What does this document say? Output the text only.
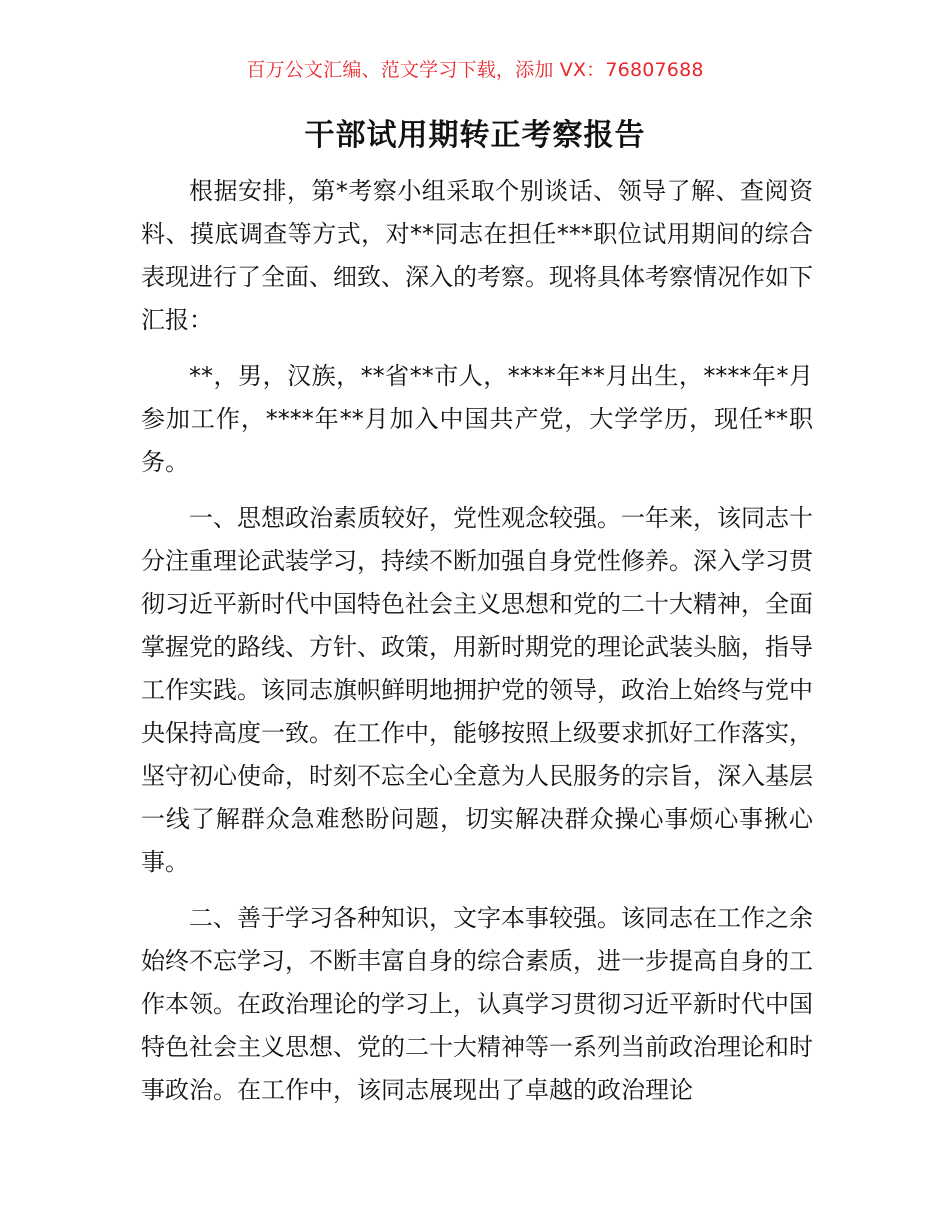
百万公文汇编、范文学习下载，添加 VX：76807688
干部试用期转正考察报告

根据安排，第*考察小组采取个别谈话、领导了解、查阅资料、摸底调查等方式，对**同志在担任***职位试用期间的综合表现进行了全面、细致、深入的考察。现将具体考察情况作如下汇报：

**，男，汉族，**省**市人，****年**月出生，****年*月参加工作，****年**月加入中国共产党，大学学历，现任**职务。

一、思想政治素质较好，党性观念较强。一年来，该同志十分注重理论武装学习，持续不断加强自身党性修养。深入学习贯彻习近平新时代中国特色社会主义思想和党的二十大精神，全面掌握党的路线、方针、政策，用新时期党的理论武装头脑，指导工作实践。该同志旗帜鲜明地拥护党的领导，政治上始终与党中央保持高度一致。在工作中，能够按照上级要求抓好工作落实，坚守初心使命，时刻不忘全心全意为人民服务的宗旨，深入基层一线了解群众急难愁盼问题，切实解决群众操心事烦心事揪心事。

二、善于学习各种知识，文字本事较强。该同志在工作之余始终不忘学习，不断丰富自身的综合素质，进一步提高自身的工作本领。在政治理论的学习上，认真学习贯彻习近平新时代中国特色社会主义思想、党的二十大精神等一系列当前政治理论和时事政治。在工作中，该同志展现出了卓越的政治理论
